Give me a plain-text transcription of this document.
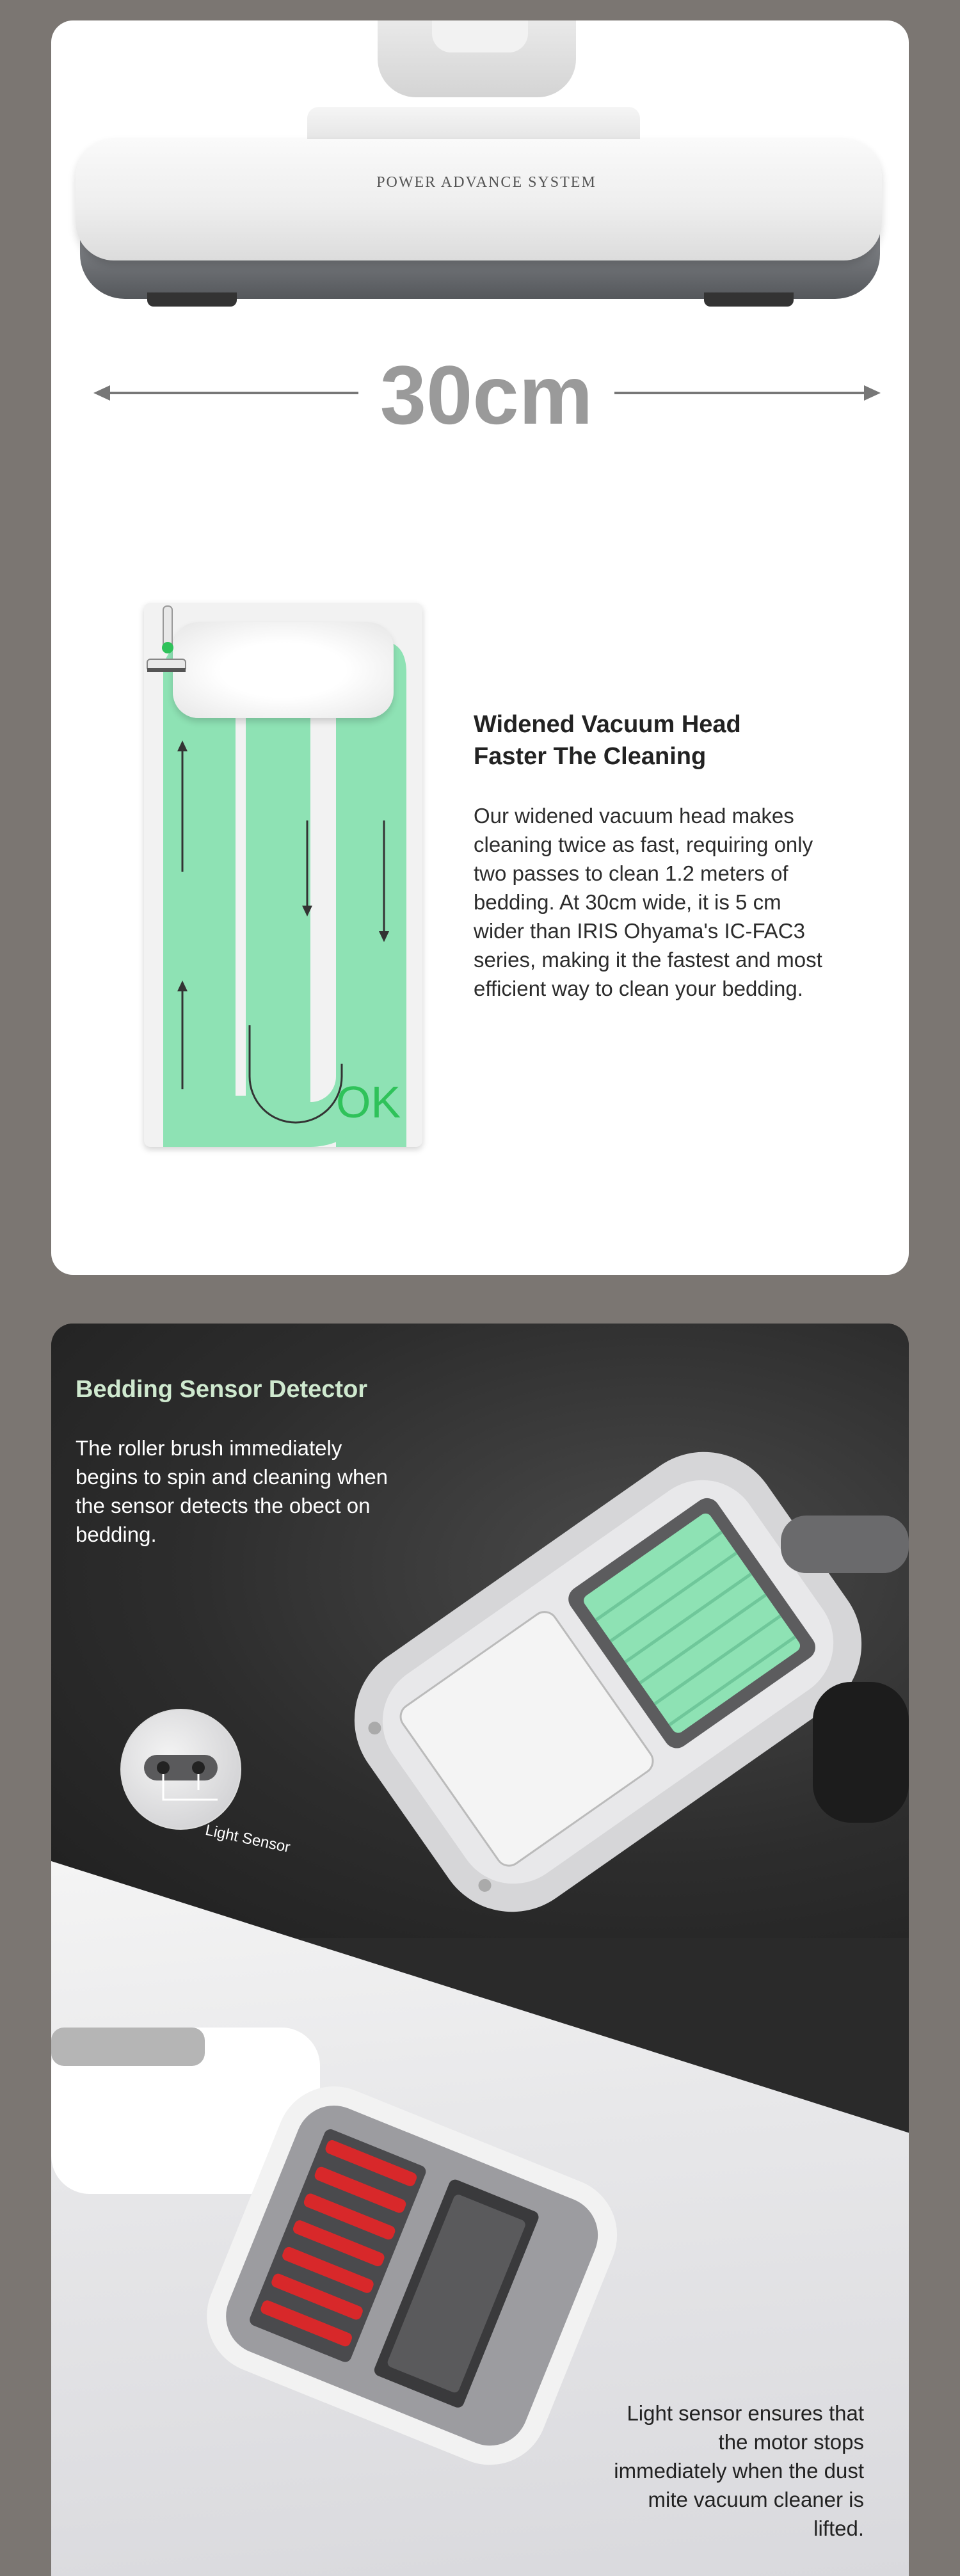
POWER ADVANCE SYSTEM
30cm
OK

Widened Vacuum Head
Faster The Cleaning

Our widened vacuum head makes cleaning twice as fast, requiring only two passes to clean 1.2 meters of bedding. At 30cm wide, it is 5 cm wider than IRIS Ohyama's IC-FAC3 series, making it the fastest and most efficient way to clean your bedding.
Bedding Sensor Detector
The roller brush immediately begins to spin and cleaning when the sensor detects the obect on bedding.
Light Sensor
Light sensor ensures that the motor stops immediately when the dust mite vacuum cleaner is lifted.
